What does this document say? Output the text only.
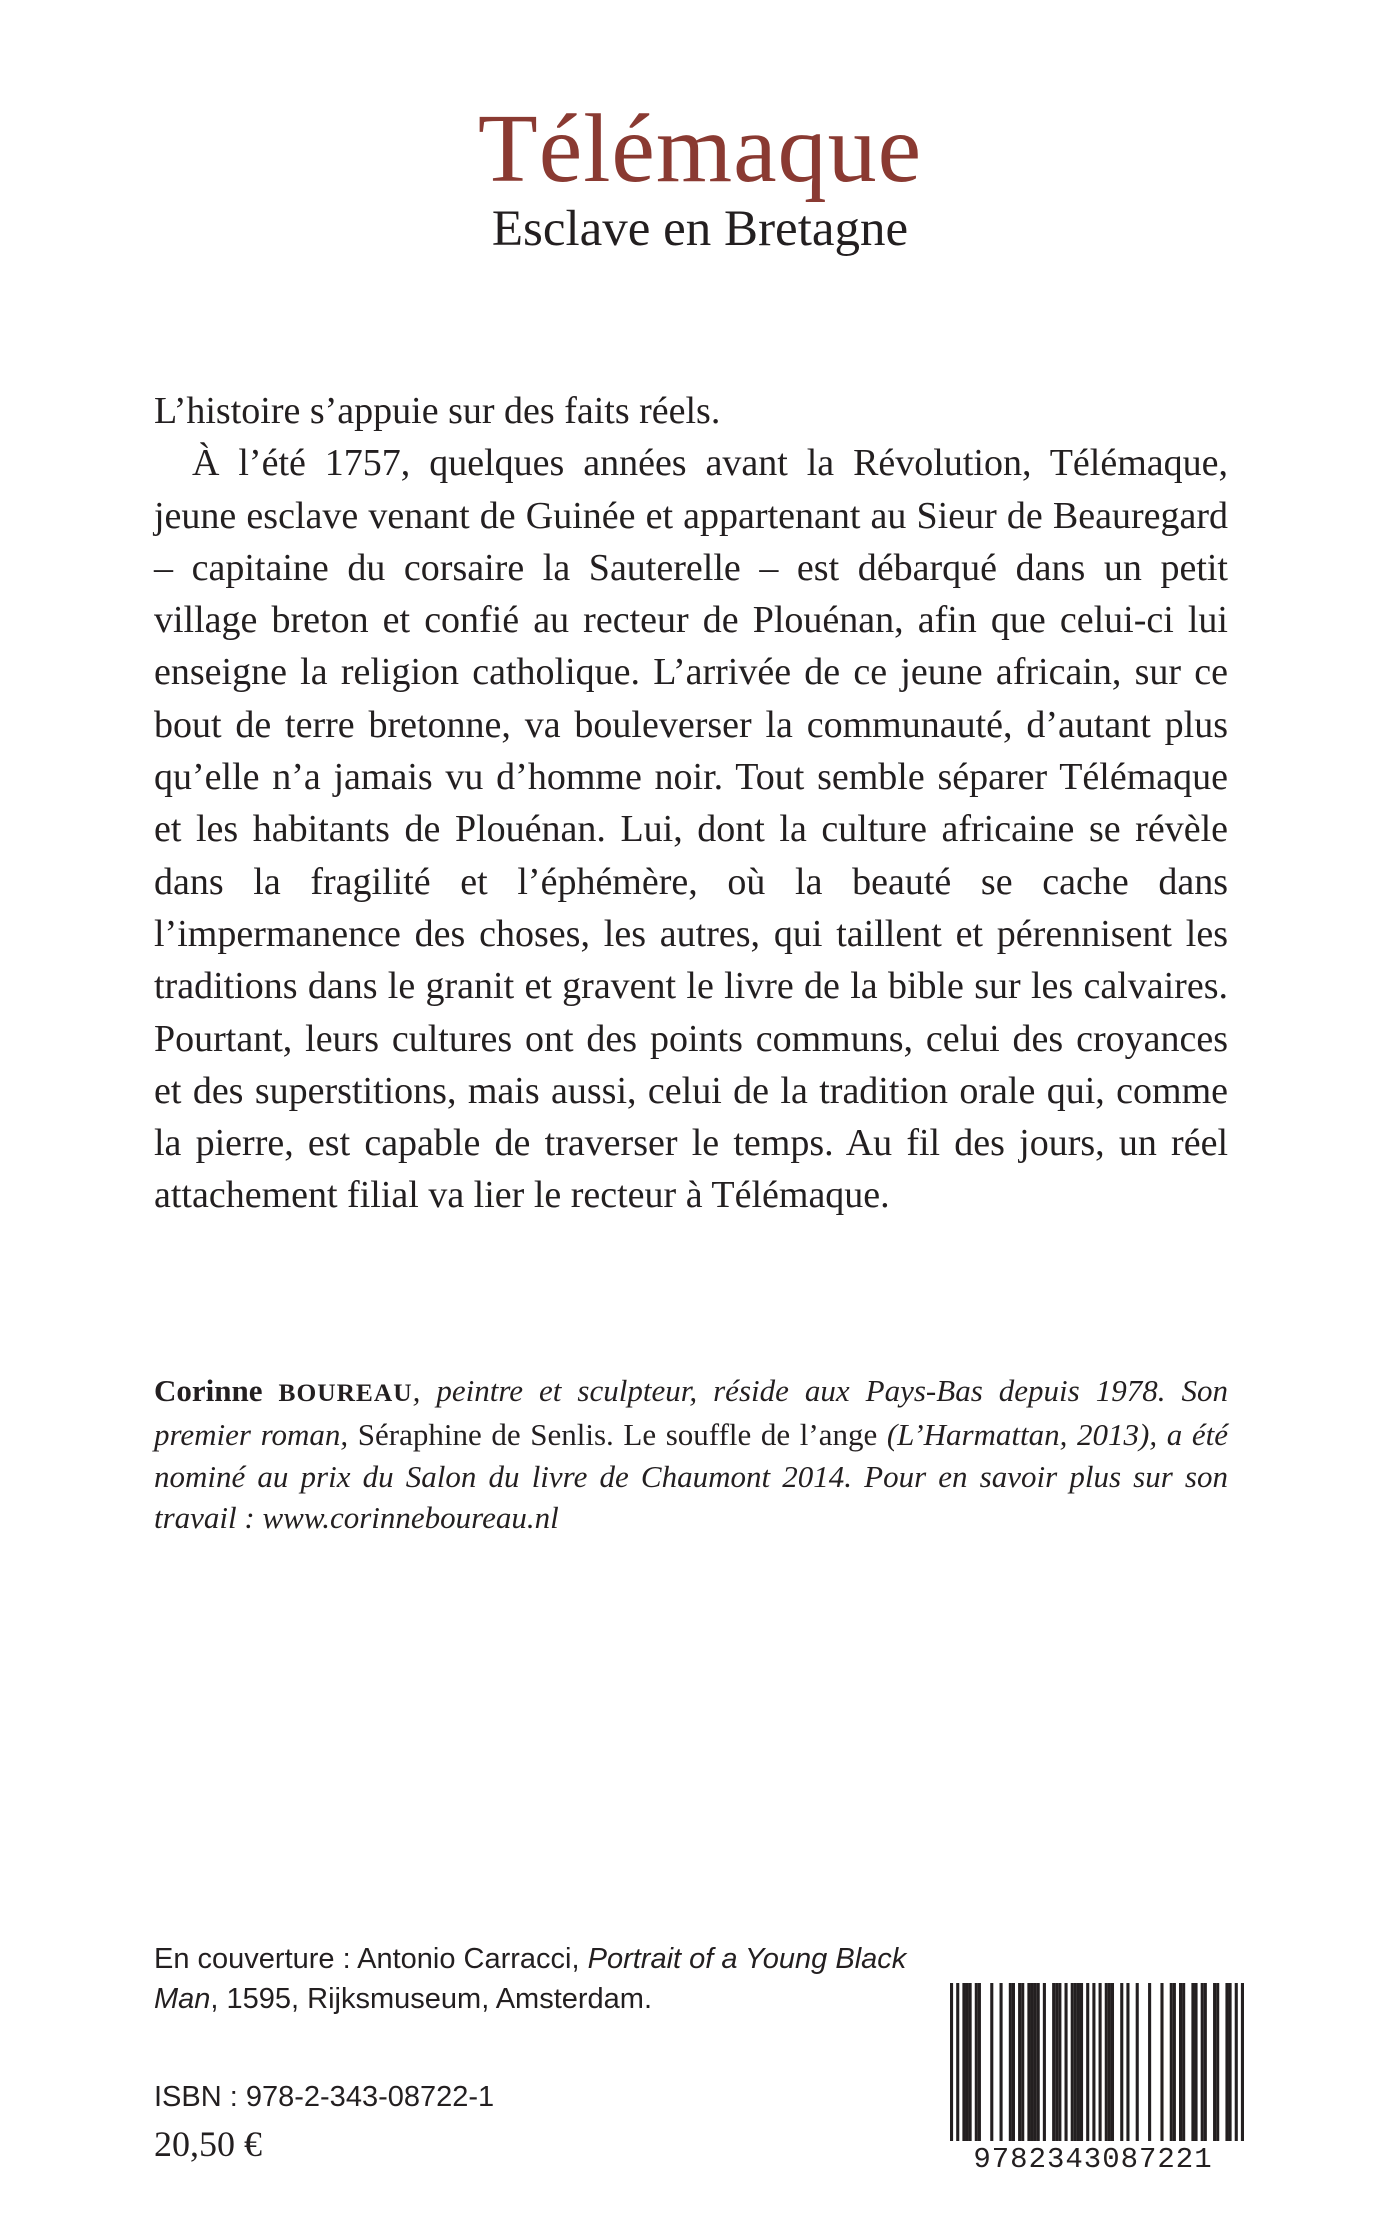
Télémaque
Esclave en Bretagne

L’histoire s’appuie sur des faits réels.

À l’été 1757, quelques années avant la Révolution, Télémaque, jeune esclave venant de Guinée et appartenant au Sieur de Beauregard – capitaine du corsaire la Sauterelle – est débarqué dans un petit village breton et confié au recteur de Plouénan, afin que celui-ci lui enseigne la religion catholique. L’arrivée de ce jeune africain, sur ce bout de terre bretonne, va bouleverser la communauté, d’autant plus qu’elle n’a jamais vu d’homme noir. Tout semble séparer Télémaque et les habitants de Plouénan. Lui, dont la culture africaine se révèle dans la fragilité et l’éphémère, où la beauté se cache dans l’impermanence des choses, les autres, qui taillent et pérennisent les traditions dans le granit et gravent le livre de la bible sur les calvaires. Pourtant, leurs cultures ont des points communs, celui des croyances et des superstitions, mais aussi, celui de la tradition orale qui, comme la pierre, est capable de traverser le temps. Au fil des jours, un réel attachement filial va lier le recteur à Télémaque.

Corinne BOUREAU, peintre et sculpteur, réside aux Pays-Bas depuis 1978. Son premier roman, Séraphine de Senlis. Le souffle de l’ange (L’Harmattan, 2013), a été nominé au prix du Salon du livre de Chaumont 2014. Pour en savoir plus sur son travail : www.corinneboureau.nl
En couverture : Antonio Carracci, Portrait of a Young Black Man, 1595, Rijksmuseum, Amsterdam.
ISBN : 978-2-343-08722-1
20,50 €	9782343087221
